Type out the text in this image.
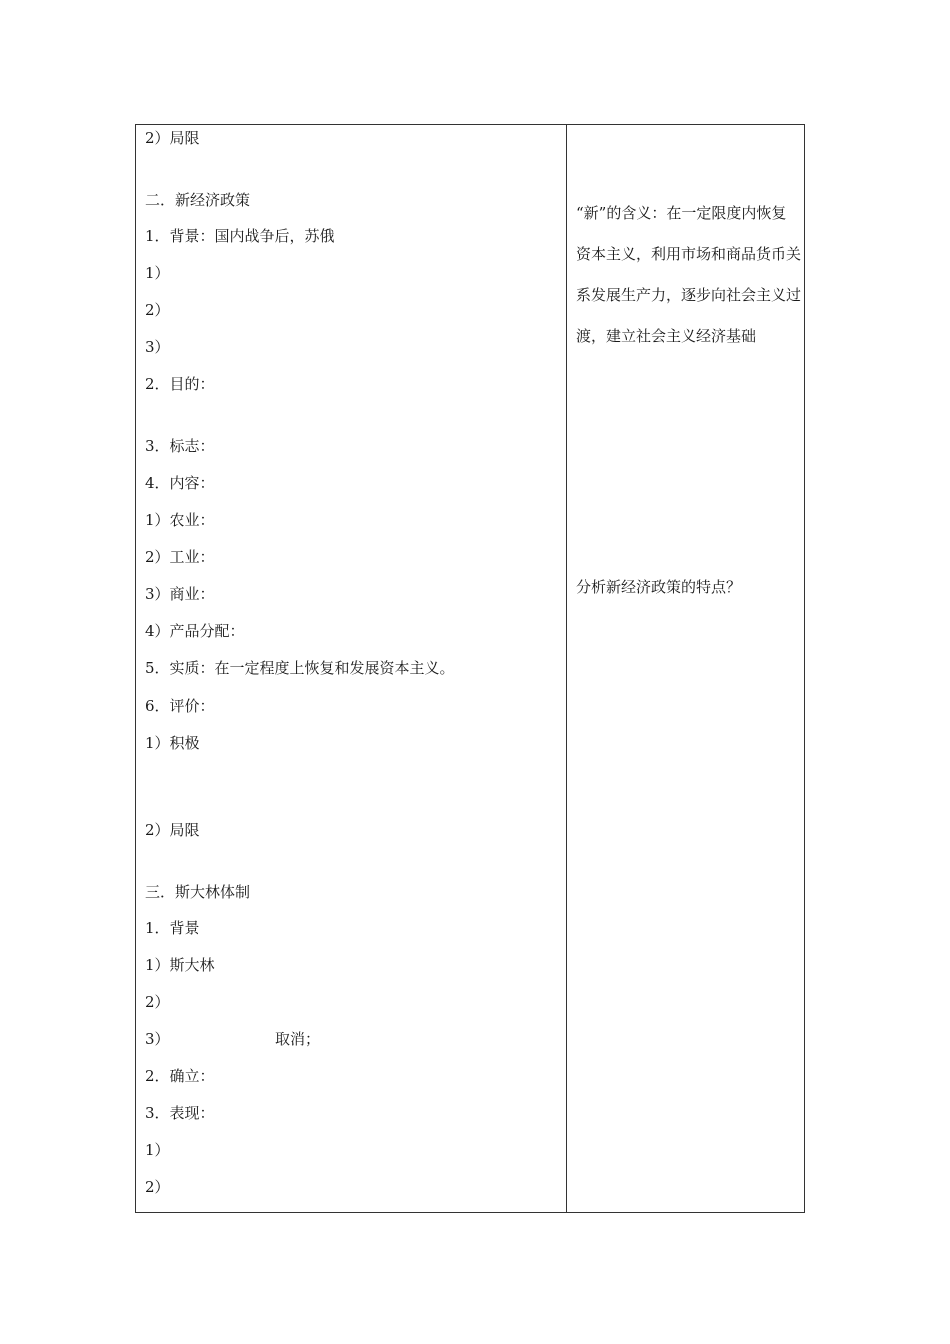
2）局限
二．新经济政策
1．背景：国内战争后，苏俄
1）
2）
3）
2．目的：
3．标志：
4．内容：
1）农业：
2）工业：
3）商业：
4）产品分配：
5．实质：在一定程度上恢复和发展资本主义。
6．评价：
1）积极
2）局限
三．斯大林体制
1．背景
1）斯大林
2）
3）	取消；
2．确立：
3．表现：
1）
2）
“新”的含义：在一定限度内恢复资本主义，利用市场和商品货币关系发展生产力，逐步向社会主义过渡，建立社会主义经济基础
分析新经济政策的特点？
